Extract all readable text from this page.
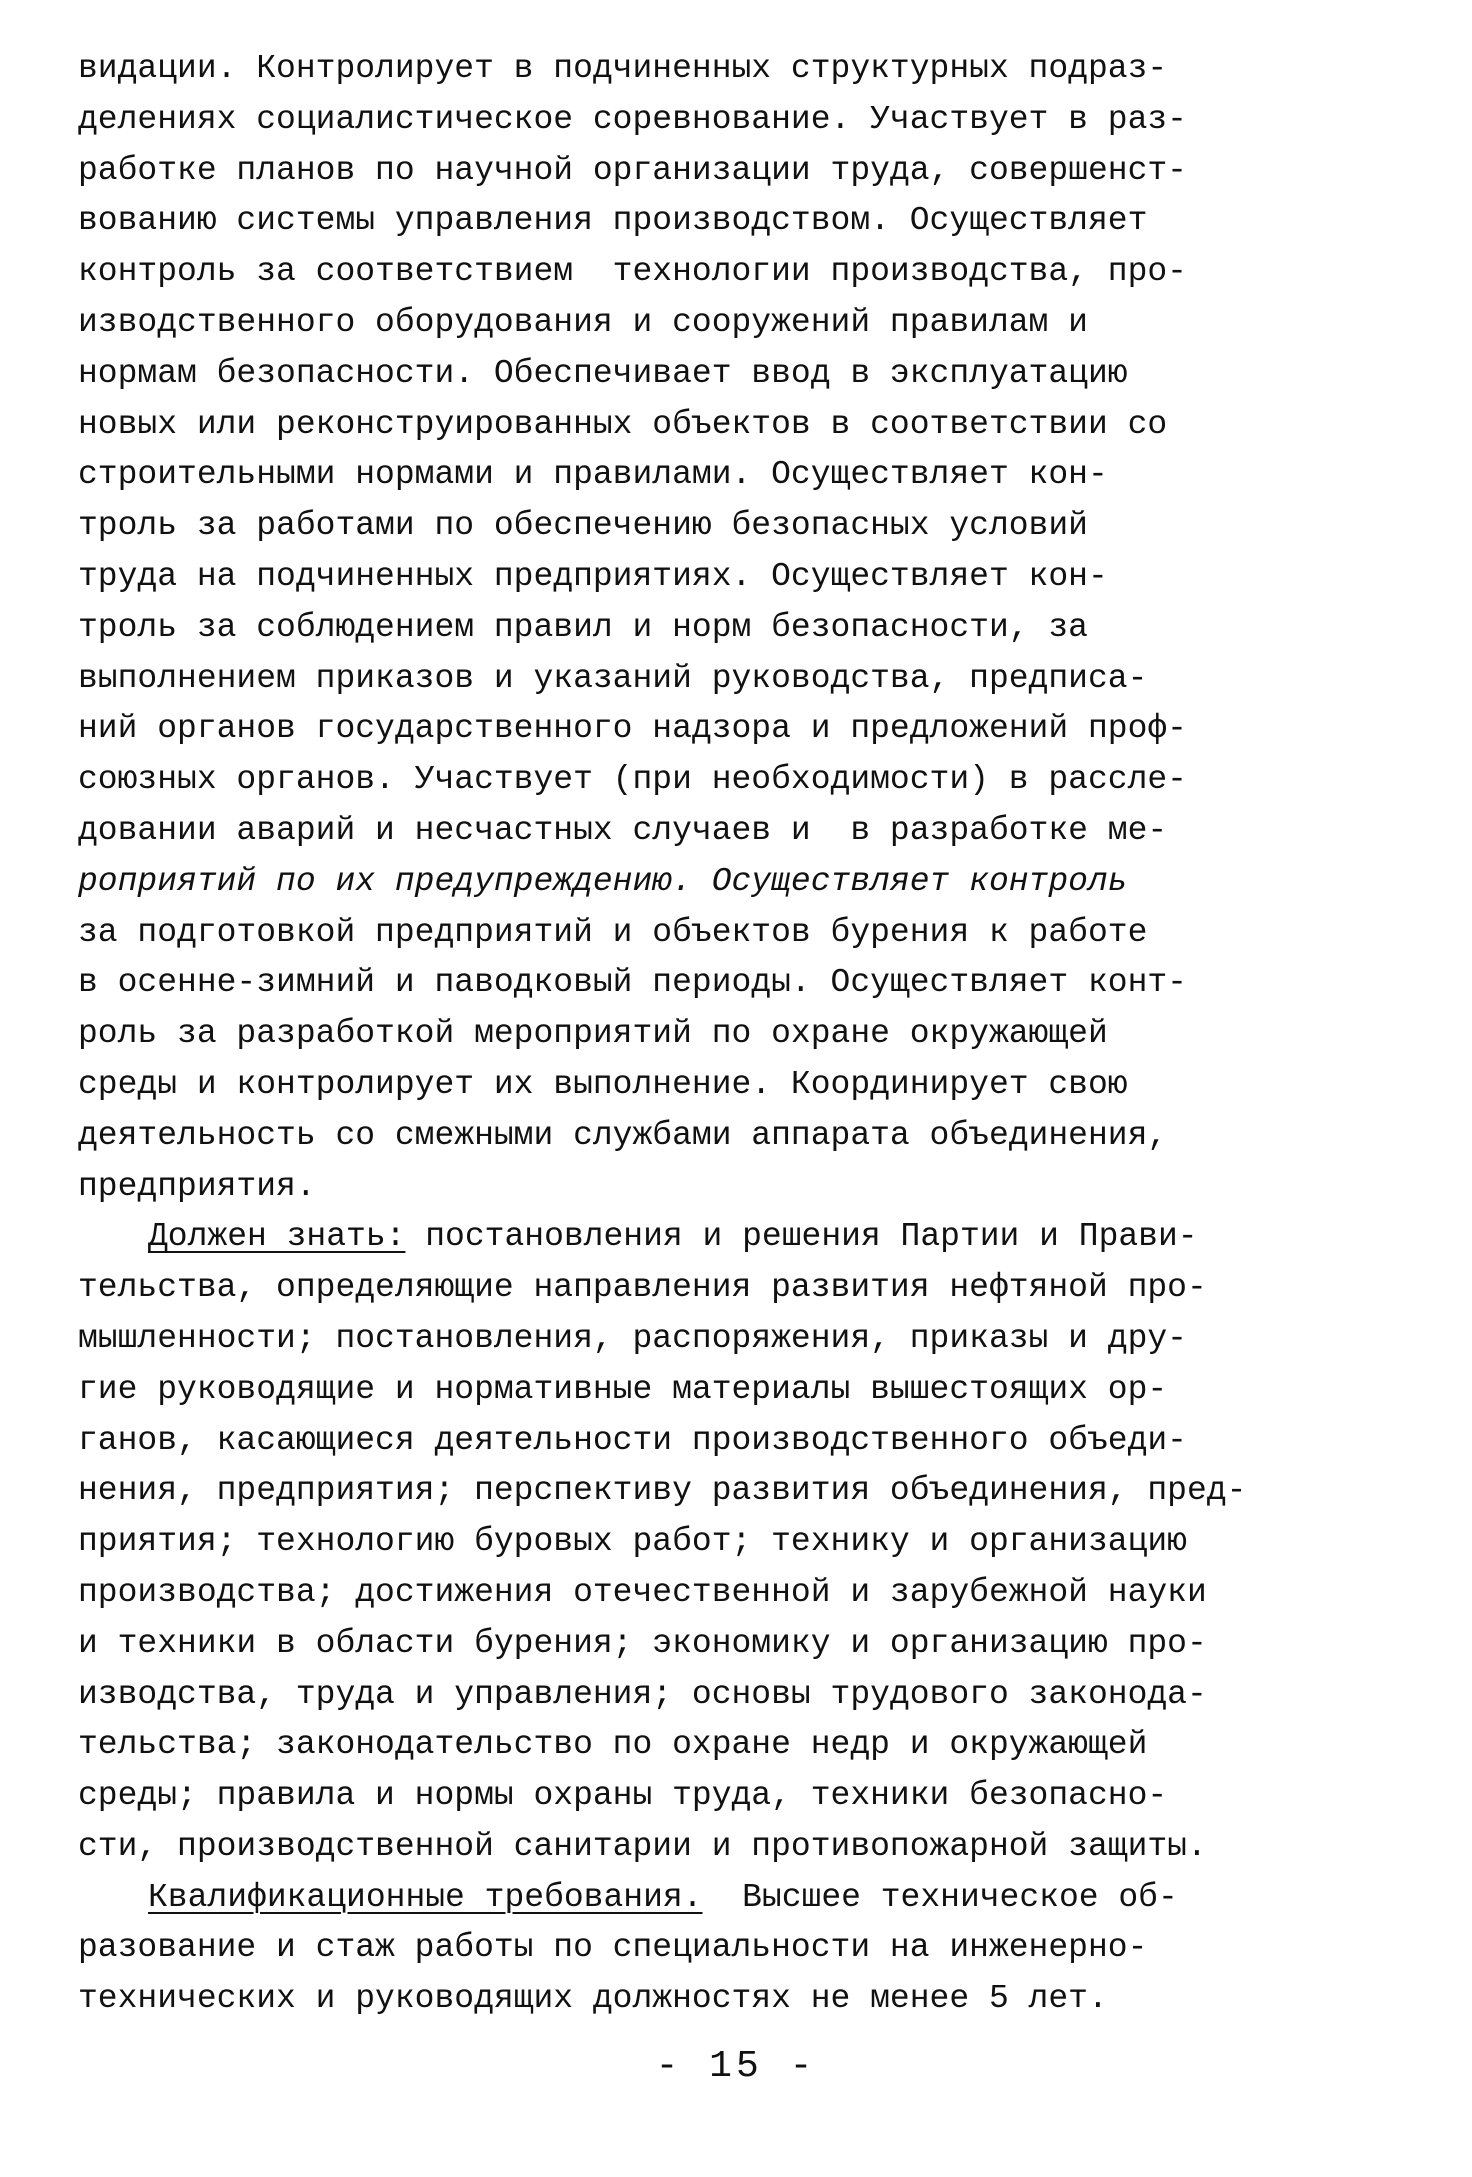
видации. Контролирует в подчиненных структурных подраз-
делениях социалистическое соревнование. Участвует в раз-
работке планов по научной организации труда, совершенст-
вованию системы управления производством. Осуществляет
контроль за соответствием  технологии производства, про-
изводственного оборудования и сооружений правилам и
нормам безопасности. Обеспечивает ввод в эксплуатацию
новых или реконструированных объектов в соответствии со
строительными нормами и правилами. Осуществляет кон-
троль за работами по обеспечению безопасных условий
труда на подчиненных предприятиях. Осуществляет кон-
троль за соблюдением правил и норм безопасности, за
выполнением приказов и указаний руководства, предписа-
ний органов государственного надзора и предложений проф-
союзных органов. Участвует (при необходимости) в рассле-
довании аварий и несчастных случаев и  в разработке ме-
роприятий по их предупреждению. Осуществляет контроль
за подготовкой предприятий и объектов бурения к работе
в осенне-зимний и паводковый периоды. Осуществляет конт-
роль за разработкой мероприятий по охране окружающей
среды и контролирует их выполнение. Координирует свою
деятельность со смежными службами аппарата объединения,
предприятия.
Должен знать: постановления и решения Партии и Прави-
тельства, определяющие направления развития нефтяной про-
мышленности; постановления, распоряжения, приказы и дру-
гие руководящие и нормативные материалы вышестоящих ор-
ганов, касающиеся деятельности производственного объеди-
нения, предприятия; перспективу развития объединения, пред-
приятия; технологию буровых работ; технику и организацию
производства; достижения отечественной и зарубежной науки
и техники в области бурения; экономику и организацию про-
изводства, труда и управления; основы трудового законода-
тельства; законодательство по охране недр и окружающей
среды; правила и нормы охраны труда, техники безопасно-
сти, производственной санитарии и противопожарной защиты.
Квалификационные требования.  Высшее техническое об-
разование и стаж работы по специальности на инженерно-
технических и руководящих должностях не менее 5 лет.
- 15 -
